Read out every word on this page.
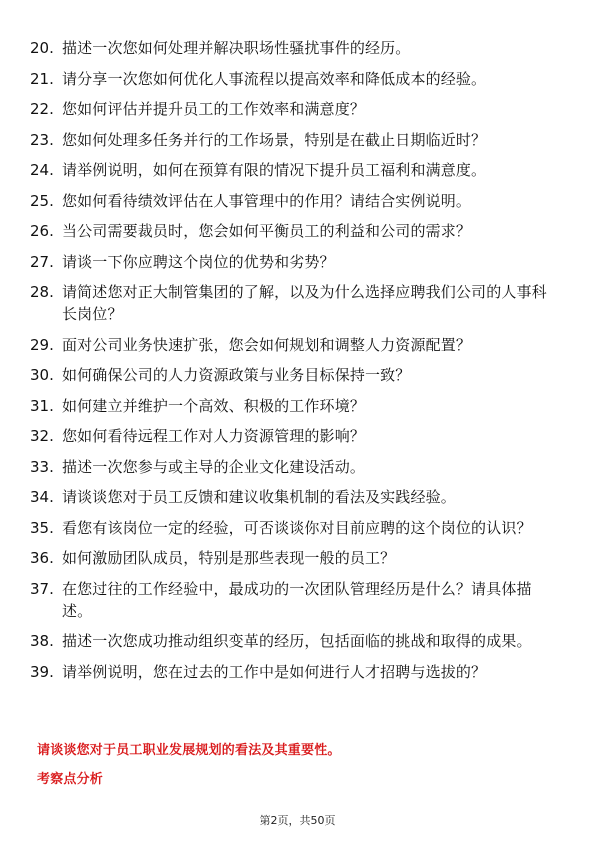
20. 描述一次您如何处理并解决职场性骚扰事件的经历。
21. 请分享一次您如何优化人事流程以提高效率和降低成本的经验。
22. 您如何评估并提升员工的工作效率和满意度？
23. 您如何处理多任务并行的工作场景，特别是在截止日期临近时？
24. 请举例说明，如何在预算有限的情况下提升员工福利和满意度。
25. 您如何看待绩效评估在人事管理中的作用？请结合实例说明。
26. 当公司需要裁员时，您会如何平衡员工的利益和公司的需求？
27. 请谈一下你应聘这个岗位的优势和劣势？
28. 请简述您对正大制管集团的了解，以及为什么选择应聘我们公司的人事科长岗位？
29. 面对公司业务快速扩张，您会如何规划和调整人力资源配置？
30. 如何确保公司的人力资源政策与业务目标保持一致？
31. 如何建立并维护一个高效、积极的工作环境？
32. 您如何看待远程工作对人力资源管理的影响？
33. 描述一次您参与或主导的企业文化建设活动。
34. 请谈谈您对于员工反馈和建议收集机制的看法及实践经验。
35. 看您有该岗位一定的经验，可否谈谈你对目前应聘的这个岗位的认识？
36. 如何激励团队成员，特别是那些表现一般的员工？
37. 在您过往的工作经验中，最成功的一次团队管理经历是什么？请具体描述。
38. 描述一次您成功推动组织变革的经历，包括面临的挑战和取得的成果。
39. 请举例说明，您在过去的工作中是如何进行人才招聘与选拔的？
请谈谈您对于员工职业发展规划的看法及其重要性。
考察点分析
第2页，共50页
